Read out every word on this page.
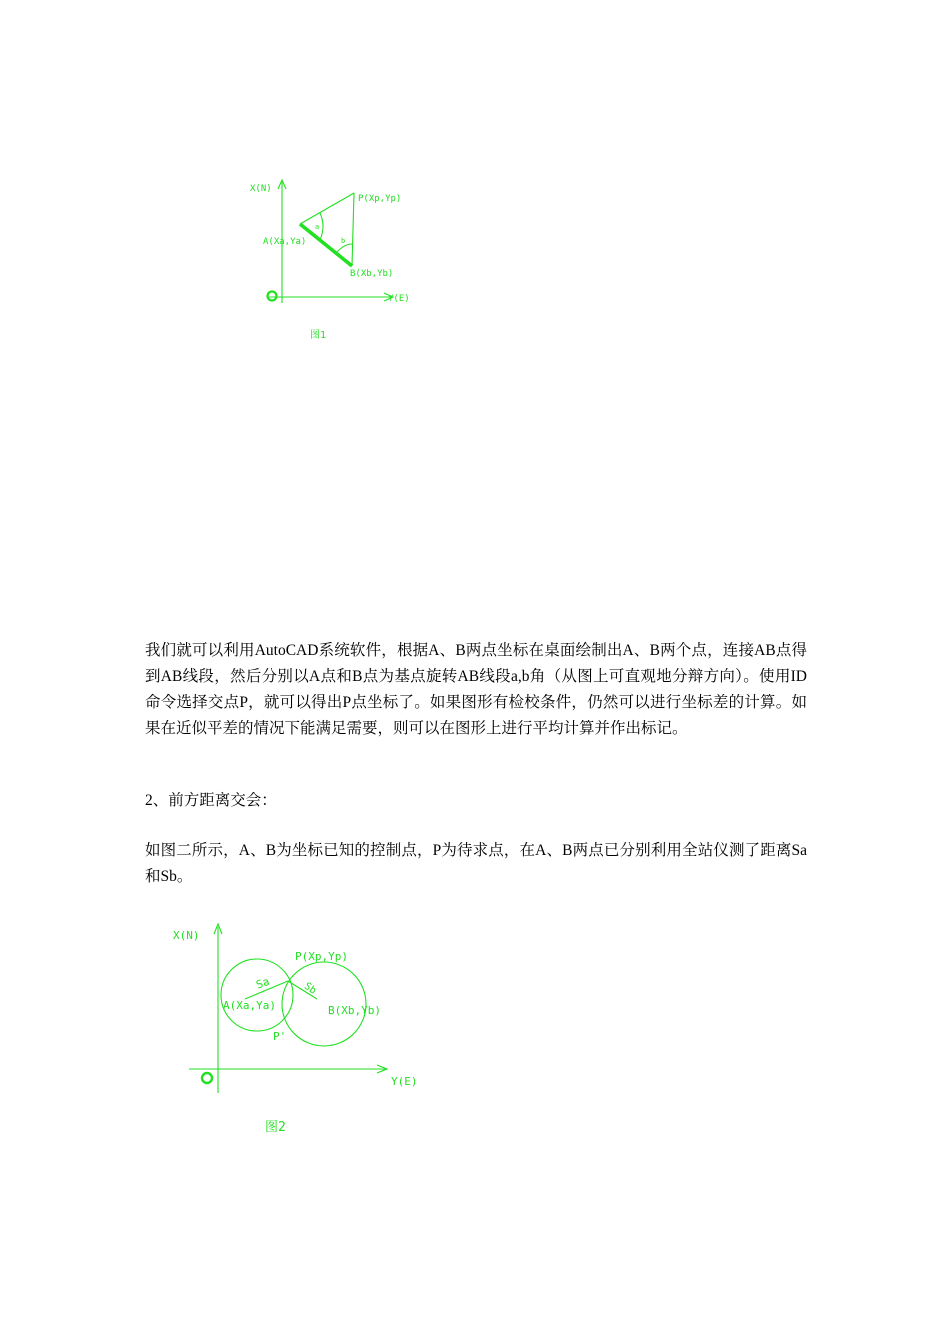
X(N)
Y(E)
P(Xp,Yp)
A(Xa,Ya)
B(Xb,Yb)
a
b
图1

我们就可以利用AutoCAD系统软件，根据A、B两点坐标在桌面绘制出A、B两个点，连接AB点得到AB线段，然后分别以A点和B点为基点旋转AB线段a,b角（从图上可直观地分辩方向）。使用ID命令选择交点P，就可以得出P点坐标了。如果图形有检校条件，仍然可以进行坐标差的计算。如果在近似平差的情况下能满足需要，则可以在图形上进行平均计算并作出标记。

2、前方距离交会：

如图二所示，A、B为坐标已知的控制点，P为待求点，在A、B两点已分别利用全站仪测了距离Sa和Sb。

X(N)
Y(E)
P(Xp,Yp)
A(Xa,Ya)	B(Xb,Yb)
P'
Sa	Sb
图2
